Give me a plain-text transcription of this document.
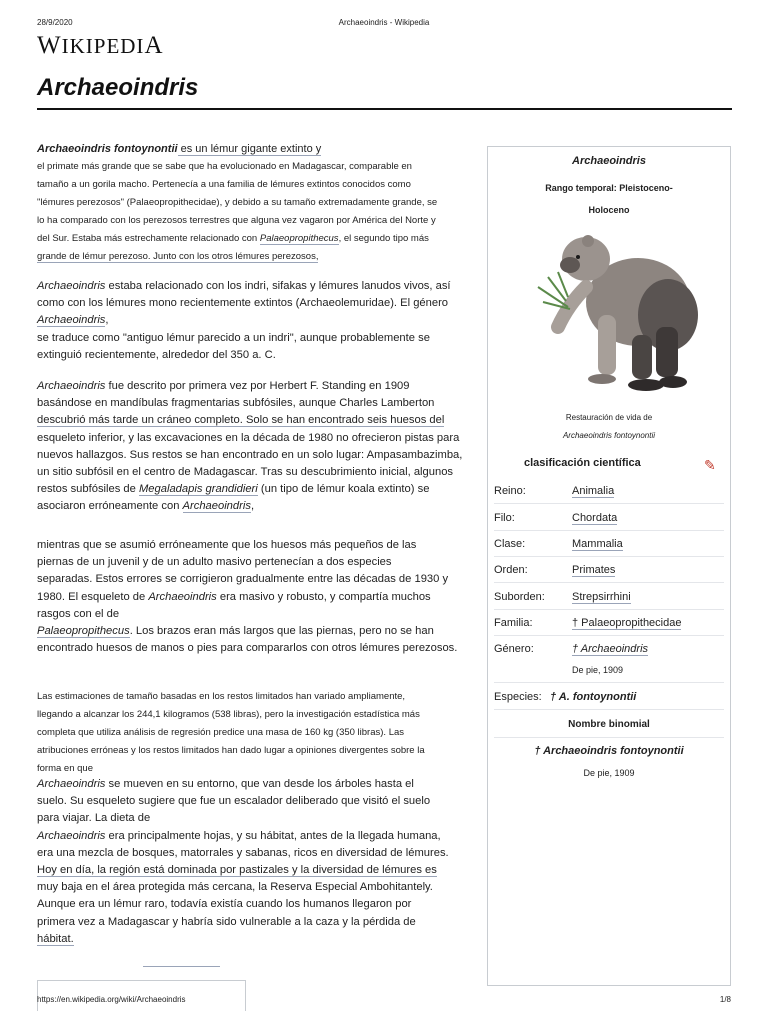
28/9/2020	Archaeoindris - Wikipedia
WIKIPEDIA
Archaeoindris

Archaeoindris fontoynontii es un lémur gigante extinto y

el primate más grande que se sabe que ha evolucionado en Madagascar, comparable en

tamaño a un gorila macho. Pertenecía a una familia de lémures extintos conocidos como

"lémures perezosos" (Palaeopropithecidae), y debido a su tamaño extremadamente grande, se

lo ha comparado con los perezosos terrestres que alguna vez vagaron por América del Norte y

del Sur. Estaba más estrechamente relacionado con Palaeopropithecus, el segundo tipo más

grande de lémur perezoso. Junto con los otros lémures perezosos,

Archaeoindris estaba relacionado con los indri, sifakas y lémures lanudos vivos, así

como con los lémures mono recientemente extintos (Archaeolemuridae). El género Archaeoindris,

se traduce como "antiguo lémur parecido a un indri", aunque probablemente se

extinguió recientemente, alrededor del 350 a. C.

Archaeoindris fue descrito por primera vez por Herbert F. Standing en 1909

basándose en mandíbulas fragmentarias subfósiles, aunque Charles Lamberton

descubrió más tarde un cráneo completo. Solo se han encontrado seis huesos del

esqueleto inferior, y las excavaciones en la década de 1980 no ofrecieron pistas para

nuevos hallazgos. Sus restos se han encontrado en un solo lugar: Ampasambazimba,

un sitio subfósil en el centro de Madagascar. Tras su descubrimiento inicial, algunos

restos subfósiles de Megaladapis grandidieri (un tipo de lémur koala extinto) se

asociaron erróneamente con Archaeoindris,

mientras que se asumió erróneamente que los huesos más pequeños de las

piernas de un juvenil y de un adulto masivo pertenecían a dos especies

separadas. Estos errores se corrigieron gradualmente entre las décadas de 1930 y

1980. El esqueleto de Archaeoindris era masivo y robusto, y compartía muchos

rasgos con el de

Palaeopropithecus. Los brazos eran más largos que las piernas, pero no se han

encontrado huesos de manos o pies para compararlos con otros lémures perezosos.

Las estimaciones de tamaño basadas en los restos limitados han variado ampliamente,

llegando a alcanzar los 244,1 kilogramos (538 libras), pero la investigación estadística más

completa que utiliza análisis de regresión predice una masa de 160 kg (350 libras). Las

atribuciones erróneas y los restos limitados han dado lugar a opiniones divergentes sobre la

forma en que

Archaeoindris se mueven en su entorno, que van desde los árboles hasta el

suelo. Su esqueleto sugiere que fue un escalador deliberado que visitó el suelo

para viajar. La dieta de

Archaeoindris era principalmente hojas, y su hábitat, antes de la llegada humana,

era una mezcla de bosques, matorrales y sabanas, ricos en diversidad de lémures.

Hoy en día, la región está dominada por pastizales y la diversidad de lémures es

muy baja en el área protegida más cercana, la Reserva Especial Ambohitantely.

Aunque era un lémur raro, todavía existía cuando los humanos llegaron por

primera vez a Madagascar y habría sido vulnerable a la caza y la pérdida de

hábitat.

Archaeoindris
Rango temporal: Pleistoceno-
Holoceno
Restauración de vida de
Archaeoindris fontoynontii
clasificación científica	✎
Reino:	Animalia
Filo:	Chordata
Clase:	Mammalia
Orden:	Primates
Suborden: Strepsirrhini
Familia:	† Palaeopropithecidae
Género:	† Archaeoindris
De pie, 1909
Especies: † A. fontoynontii
Nombre binomial
† Archaeoindris fontoynontii
De pie, 1909
https://en.wikipedia.org/wiki/Archaeoindris	1/8
